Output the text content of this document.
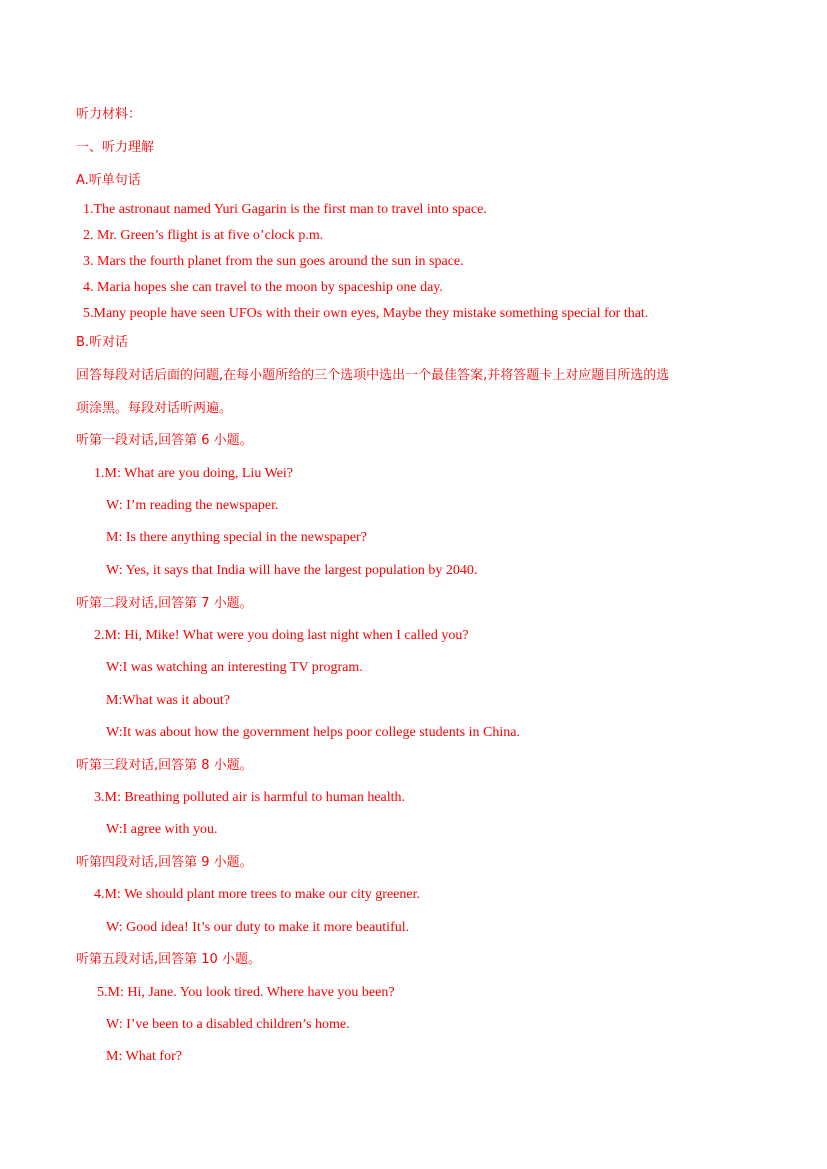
听力材料：
一、听力理解
A.听单句话
1.The astronaut named Yuri Gagarin is the first man to travel into space.
2. Mr. Green’s flight is at five o’clock p.m.
3. Mars the fourth planet from the sun goes around the sun in space.
4. Maria hopes she can travel to the moon by spaceship one day.
5.Many people have seen UFOs with their own eyes, Maybe they mistake something special for that.
B.听对话
回答每段对话后面的问题,在每小题所给的三个选项中选出一个最佳答案,并将答题卡上对应题目所选的选
项涂黑。每段对话听两遍。
听第一段对话,回答第 6 小题。
1.M: What are you doing, Liu Wei?
W: I’m reading the newspaper.
M: Is there anything special in the newspaper?
W: Yes, it says that India will have the largest population by 2040.
听第二段对话,回答第 7 小题。
2.M: Hi, Mike! What were you doing last night when I called you?
W:I was watching an interesting TV program.
M:What was it about?
W:It was about how the government helps poor college students in China.
听第三段对话,回答第 8 小题。
3.M: Breathing polluted air is harmful to human health.
W:I agree with you.
听第四段对话,回答第 9 小题。
4.M: We should plant more trees to make our city greener.
W: Good idea! It’s our duty to make it more beautiful.
听第五段对话,回答第 10 小题。
5.M: Hi, Jane. You look tired. Where have you been?
W: I’ve been to a disabled children’s home.
M: What for?
